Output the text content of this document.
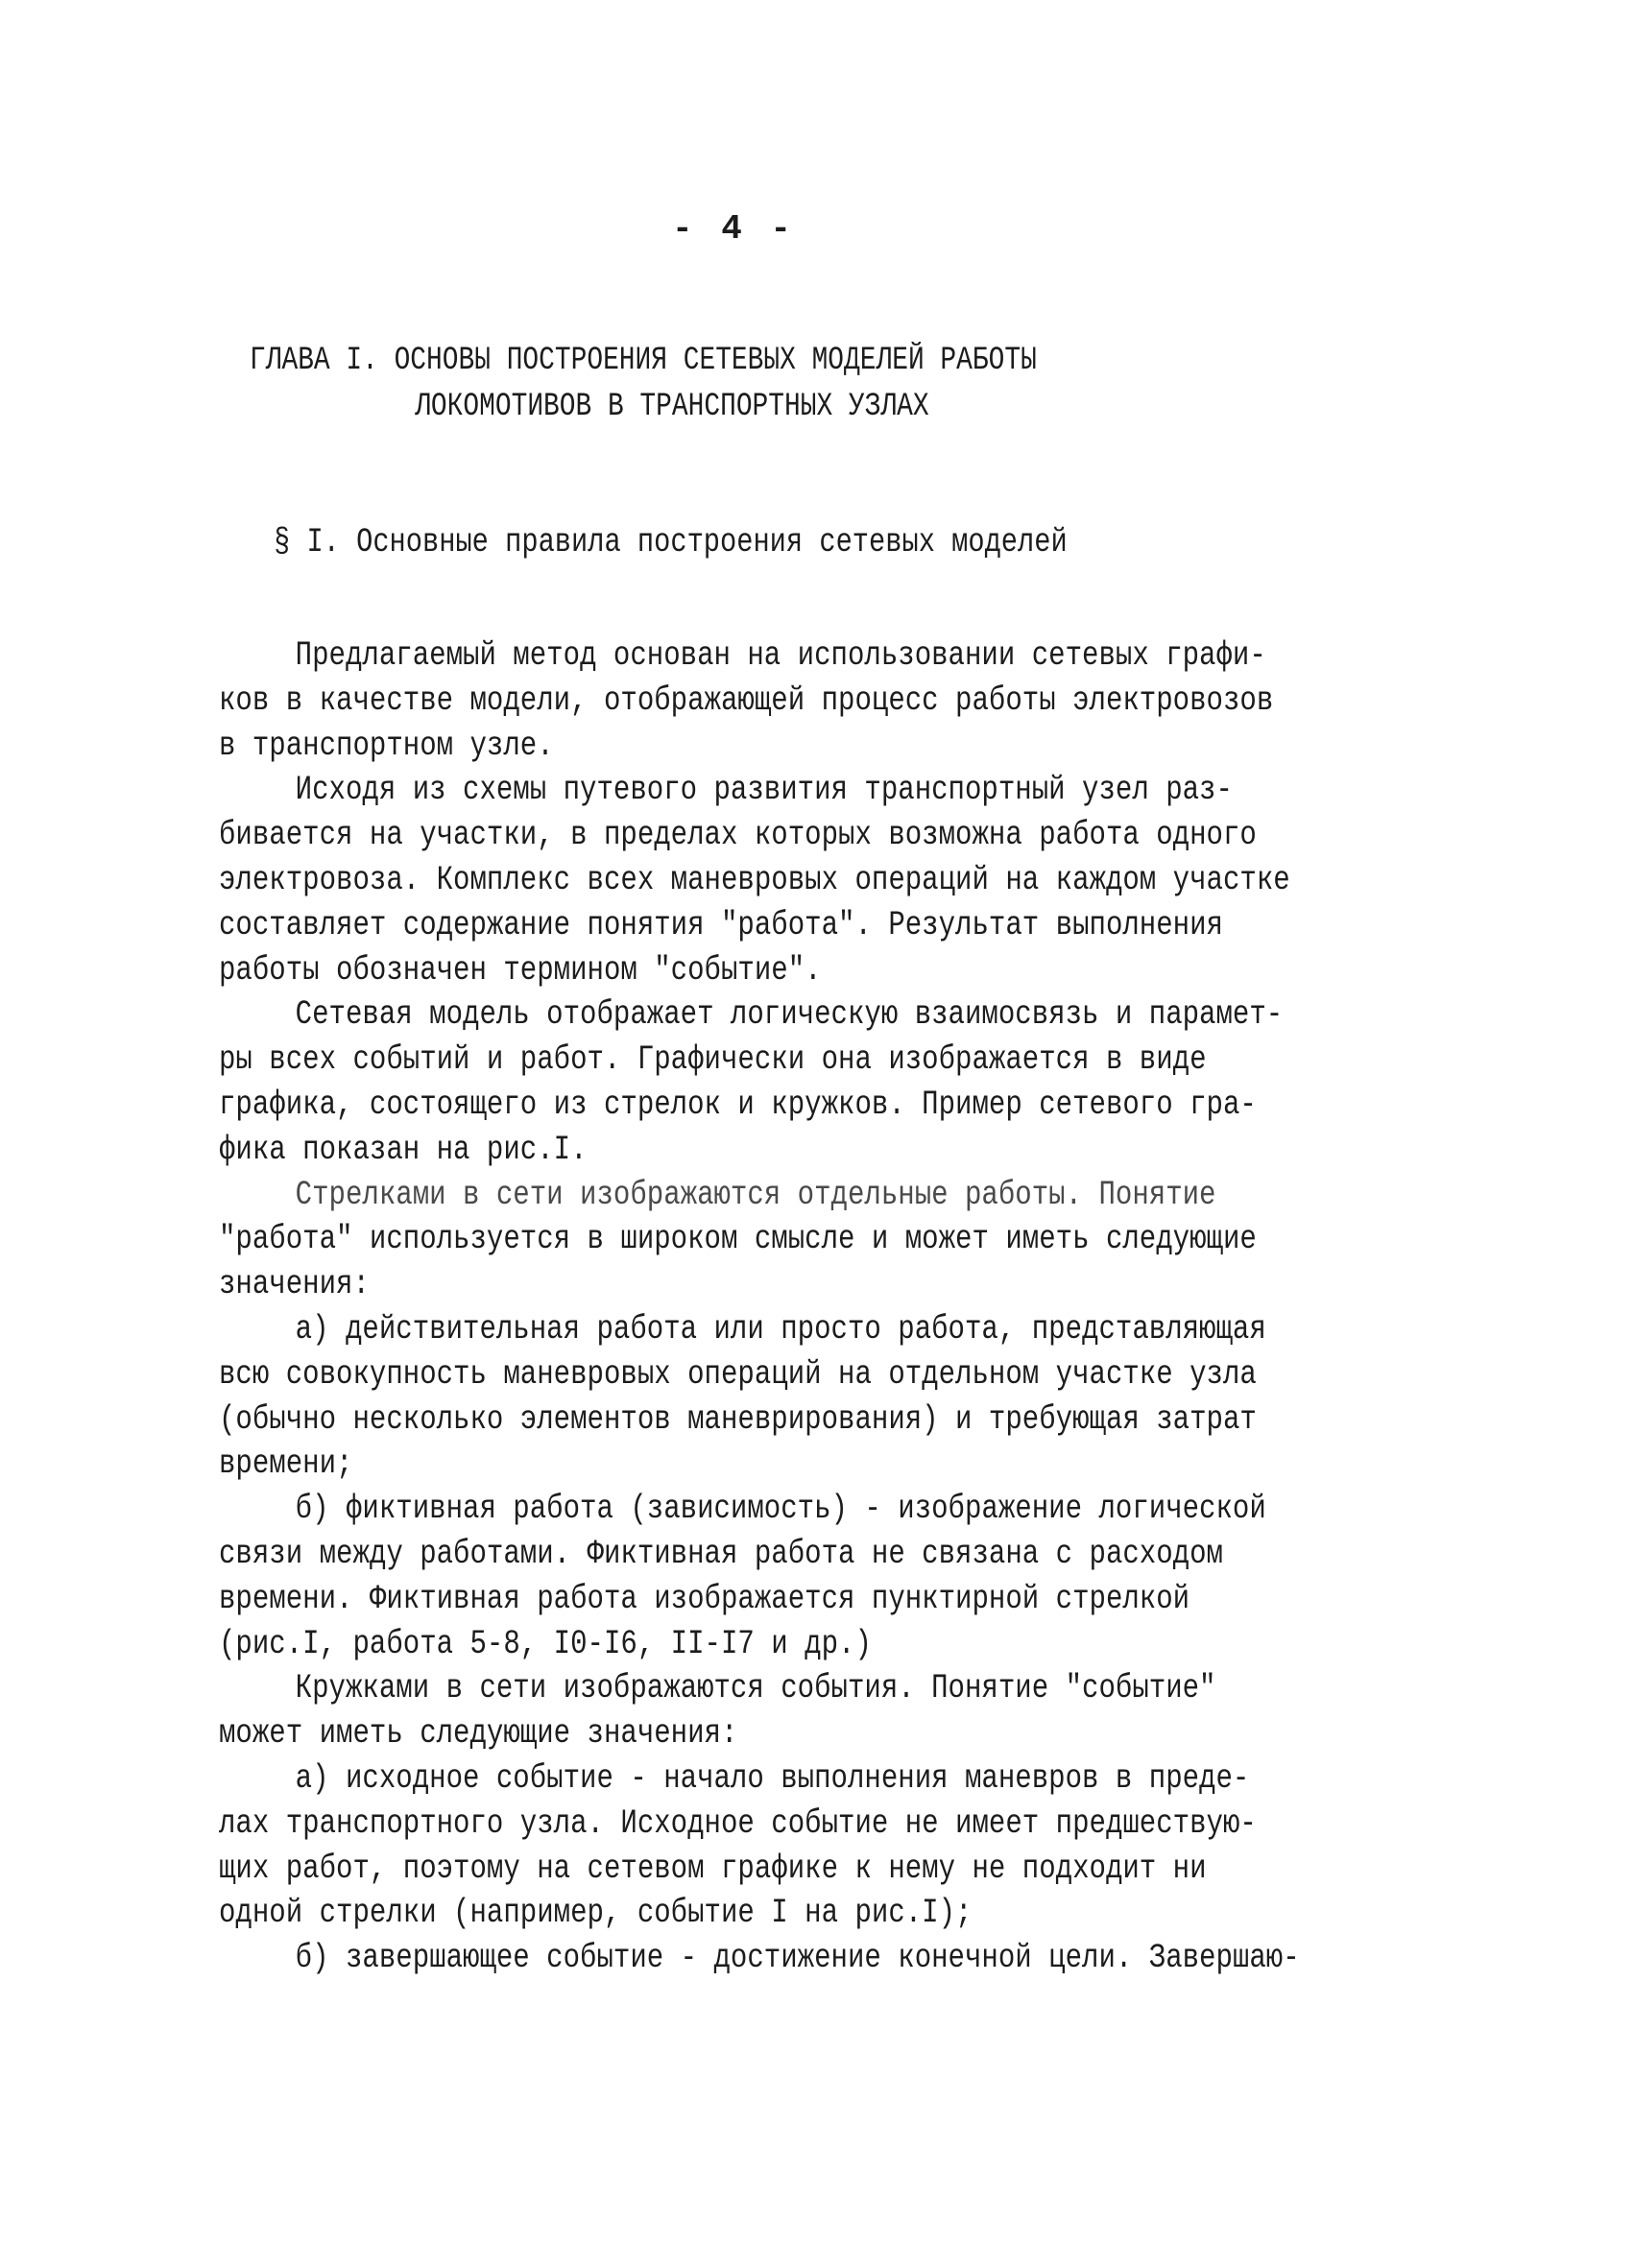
- 4 -
ГЛАВА I. ОСНОВЫ ПОСТРОЕНИЯ СЕТЕВЫХ МОДЕЛЕЙ РАБОТЫ
ЛОКОМОТИВОВ В ТРАНСПОРТНЫХ УЗЛАХ
§ I. Основные правила построения сетевых моделей
Предлагаемый метод основан на использовании сетевых графи-
ков в качестве модели, отображающей процесс работы электровозов
в транспортном узле.
Исходя из схемы путевого развития транспортный узел раз-
бивается на участки, в пределах которых возможна работа одного
электровоза. Комплекс всех маневровых операций на каждом участке
составляет содержание понятия "работа". Результат выполнения
работы обозначен термином "событие".
Сетевая модель отображает логическую взаимосвязь и парамет-
ры всех событий и работ. Графически она изображается в виде
графика, состоящего из стрелок и кружков. Пример сетевого гра-
фика показан на рис.I.
Стрелками в сети изображаются отдельные работы. Понятие
"работа" используется в широком смысле и может иметь следующие
значения:
а) действительная работа или просто работа, представляющая
всю совокупность маневровых операций на отдельном участке узла
(обычно несколько элементов маневрирования) и требующая затрат
времени;
б) фиктивная работа (зависимость) - изображение логической
связи между работами. Фиктивная работа не связана с расходом
времени. Фиктивная работа изображается пунктирной стрелкой
(рис.I, работа 5-8, I0-I6, II-I7 и др.)
Кружками в сети изображаются события. Понятие "событие"
может иметь следующие значения:
а) исходное событие - начало выполнения маневров в преде-
лах транспортного узла. Исходное событие не имеет предшествую-
щих работ, поэтому на сетевом графике к нему не подходит ни
одной стрелки (например, событие I на рис.I);
б) завершающее событие - достижение конечной цели. Завершаю-
